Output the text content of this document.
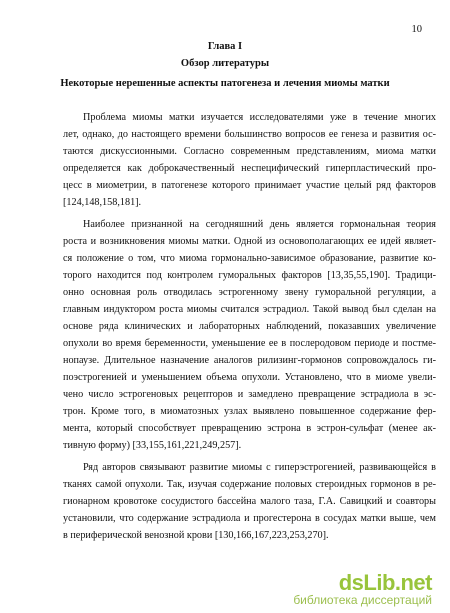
10
Глава I
Обзор литературы
Некоторые нерешенные аспекты патогенеза и лечения миомы матки
Проблема миомы матки изучается исследователями уже в течение многих
лет, однако, до настоящего времени большинство вопросов ее генеза и развития ос-
таются дискуссионными. Согласно современным представлениям, миома матки
определяется как доброкачественный неспецифический гиперпластический про-
цесс в миометрии, в патогенезе которого принимает участие целый ряд факторов
[124,148,158,181].
Наиболее признанной на сегодняшний день является гормональная теория
роста и возникновения миомы матки. Одной из основополагающих ее идей являет-
ся положение о том, что миома гормонально-зависимое образование, развитие ко-
торого находится под контролем гуморальных факторов [13,35,55,190]. Традици-
онно основная роль отводилась эстрогенному звену гуморальной регуляции, а
главным индуктором роста миомы считался эстрадиол. Такой вывод был сделан на
основе ряда клинических и лабораторных наблюдений, показавших увеличение
опухоли во время беременности, уменьшение ее в послеродовом периоде и постме-
нопаузе. Длительное назначение аналогов рилизинг-гормонов сопровождалось ги-
поэстрогенией и уменьшением объема опухоли. Установлено, что в миоме увели-
чено число эстрогеновых рецепторов и замедлено превращение эстрадиола в эс-
трон. Кроме того, в миоматозных узлах выявлено повышенное содержание фер-
мента, который способствует превращению эстрона в эстрон-сульфат (менее ак-
тивную форму) [33,155,161,221,249,257].
Ряд авторов связывают развитие миомы с гиперэстрогенией, развивающейся в
тканях самой опухоли. Так, изучая содержание половых стероидных гормонов в ре-
гионарном кровотоке сосудистого бассейна малого таза, Г.А. Савицкий и соавторы
установили, что содержание эстрадиола и прогестерона в сосудах матки выше, чем
в периферической венозной крови [130,166,167,223,253,270].
dsLib.net
библиотека диссертаций
